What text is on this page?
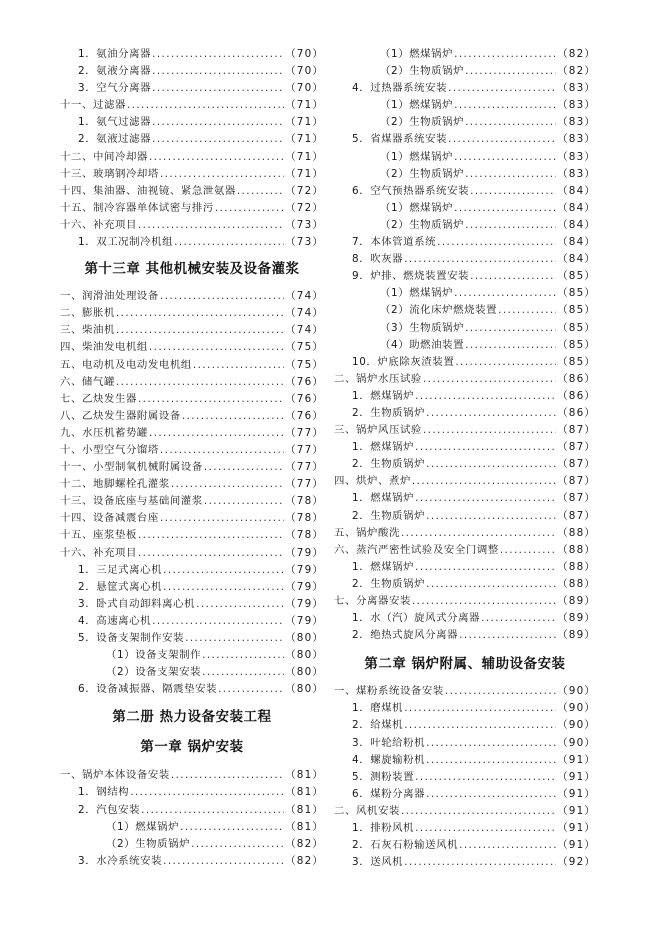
1．氨油分离器 .....	（70）
2．氨液分离器 .....	（70）
3．空气分离器 .....	（70）
十一、过滤器 .....	（71）
1．氨气过滤器 .....	（71）
2．氨液过滤器 .....	（71）
十二、中间冷却器 .....	（71）
十三、玻璃钢冷却塔 .....	（71）
十四、集油器、油视镜、紧急泄氨器 .....	（72）
十五、制冷容器单体试密与排污 .....	（72）
十六、补充项目 .....	（73）
1．双工况制冷机组 .....	（73）
第十三章 其他机械安装及设备灌浆
一、润滑油处理设备 .....	（74）
二、膨胀机 .....	（74）
三、柴油机 .....	（74）
四、柴油发电机组 .....	（75）
五、电动机及电动发电机组 .....	（75）
六、储气罐 .....	（76）
七、乙炔发生器 .....	（76）
八、乙炔发生器附属设备 .....	（76）
九、水压机蓄势罐 .....	（77）
十、小型空气分馏塔 .....	（77）
十一、小型制氧机械附属设备 .....	（77）
十二、地脚螺栓孔灌浆 .....	（77）
十三、设备底座与基础间灌浆 .....	（78）
十四、设备减震台座 .....	（78）
十五、座浆垫板 .....	（78）
十六、补充项目 .....	（79）
1．三足式离心机 .....	（79）
2．悬筐式离心机 .....	（79）
3．卧式自动卸料离心机 .....	（79）
4．高速离心机 .....	（79）
5．设备支架制作安装 .....	（80）
（1）设备支架制作 .....	（80）
（2）设备支架安装 .....	（80）
6．设备减振器、隔震垫安装 .....	（80）
第二册 热力设备安装工程
第一章 锅炉安装
一、锅炉本体设备安装 .....	（81）
1．钢结构 .....	（81）
2．汽包安装 .....	（81）
（1）燃煤锅炉 .....	（81）
（2）生物质锅炉 .....	（82）
3．水冷系统安装 .....	（82）
（1）燃煤锅炉 .....	（82）
（2）生物质锅炉 .....	（82）
4．过热器系统安装 .....	（83）
（1）燃煤锅炉 .....	（83）
（2）生物质锅炉 .....	（83）
5．省煤器系统安装 .....	（83）
（1）燃煤锅炉 .....	（83）
（2）生物质锅炉 .....	（83）
6．空气预热器系统安装 .....	（84）
（1）燃煤锅炉 .....	（84）
（2）生物质锅炉 .....	（84）
7．本体管道系统 .....	（84）
8．吹灰器 .....	（84）
9．炉排、燃烧装置安装 .....	（85）
（1）燃煤锅炉 .....	（85）
（2）流化床炉燃烧装置 .....	（85）
（3）生物质锅炉 .....	（85）
（4）助燃油装置 .....	（85）
10．炉底除灰渣装置 .....	（85）
二、锅炉水压试验 .....	（86）
1．燃煤锅炉 .....	（86）
2．生物质锅炉 .....	（86）
三、锅炉风压试验 .....	（87）
1．燃煤锅炉 .....	（87）
2．生物质锅炉 .....	（87）
四、烘炉、煮炉 .....	（87）
1．燃煤锅炉 .....	（87）
2．生物质锅炉 .....	（87）
五、锅炉酸洗 .....	（88）
六、蒸汽严密性试验及安全门调整 .....	（88）
1．燃煤锅炉 .....	（88）
2．生物质锅炉 .....	（88）
七、分离器安装 .....	（89）
1．水（汽）旋风式分离器 .....	（89）
2．绝热式旋风分离器 .....	（89）
第二章 锅炉附属、辅助设备安装
一、煤粉系统设备安装 .....	（90）
1．磨煤机 .....	（90）
2．给煤机 .....	（90）
3．叶轮给粉机 .....	（90）
4．螺旋输粉机 .....	（91）
5．测粉装置 .....	（91）
6．煤粉分离器 .....	（91）
二、风机安装 .....	（91）
1．排粉风机 .....	（91）
2．石灰石粉输送风机 .....	（91）
3．送风机 .....	（92）
